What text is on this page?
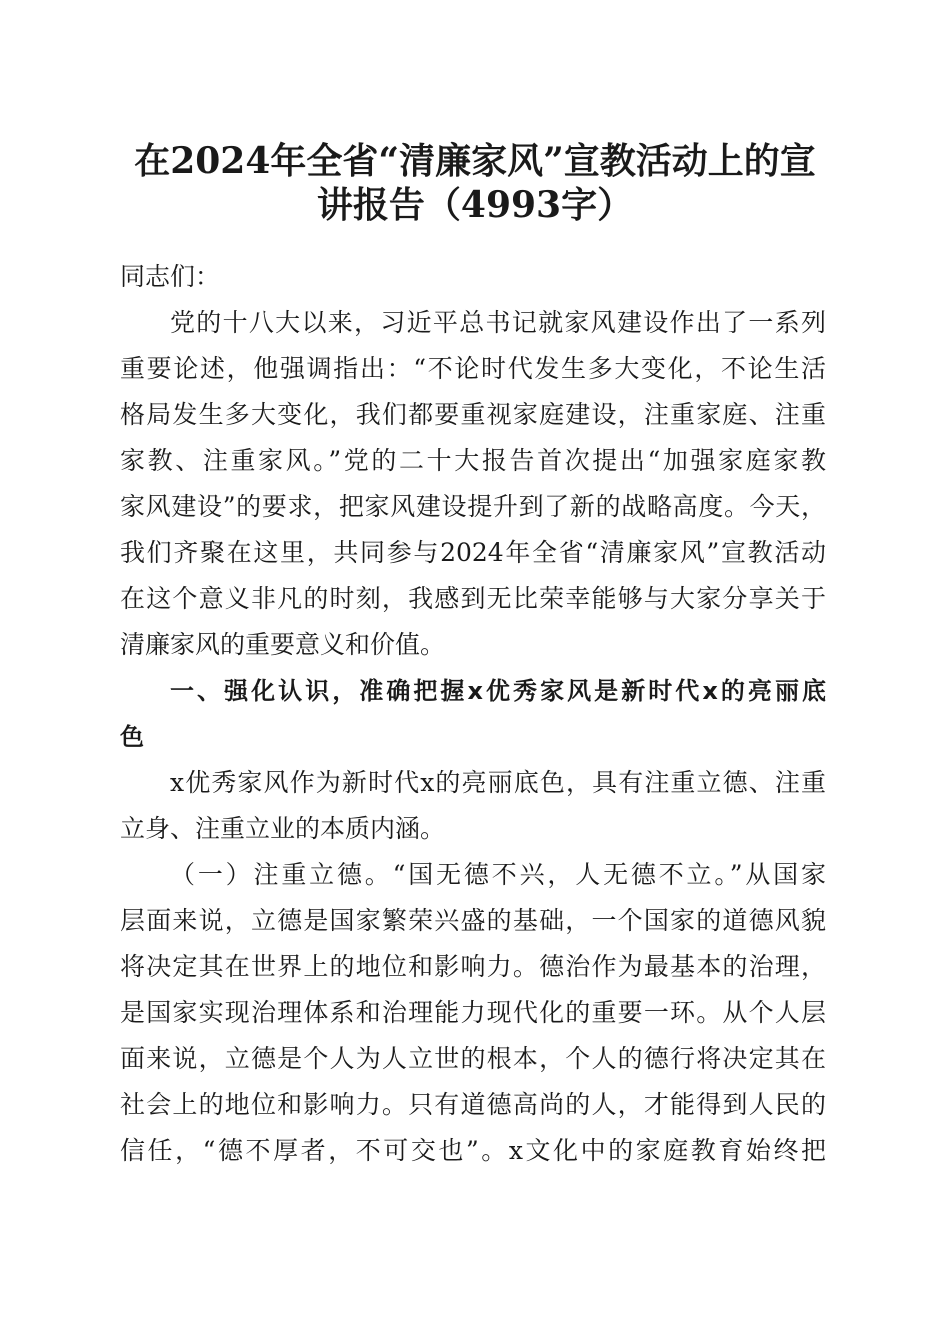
在2024年全省“清廉家风”宣教活动上的宣
讲报告（4993字）
同志们：
党的十八大以来，习近平总书记就家风建设作出了一系列
重要论述，他强调指出：“不论时代发生多大变化，不论生活
格局发生多大变化，我们都要重视家庭建设，注重家庭、注重
家教、注重家风。”党的二十大报告首次提出“加强家庭家教
家风建设”的要求，把家风建设提升到了新的战略高度。今天，
我们齐聚在这里，共同参与2024年全省“清廉家风”宣教活动
在这个意义非凡的时刻，我感到无比荣幸能够与大家分享关于
清廉家风的重要意义和价值。
一、强化认识，准确把握x优秀家风是新时代x的亮丽底
色
x优秀家风作为新时代x的亮丽底色，具有注重立德、注重
立身、注重立业的本质内涵。
（一）注重立德。“国无德不兴，人无德不立。”从国家
层面来说，立德是国家繁荣兴盛的基础，一个国家的道德风貌
将决定其在世界上的地位和影响力。德治作为最基本的治理，
是国家实现治理体系和治理能力现代化的重要一环。从个人层
面来说，立德是个人为人立世的根本，个人的德行将决定其在
社会上的地位和影响力。只有道德高尚的人，才能得到人民的
信任，“德不厚者，不可交也”。x文化中的家庭教育始终把
